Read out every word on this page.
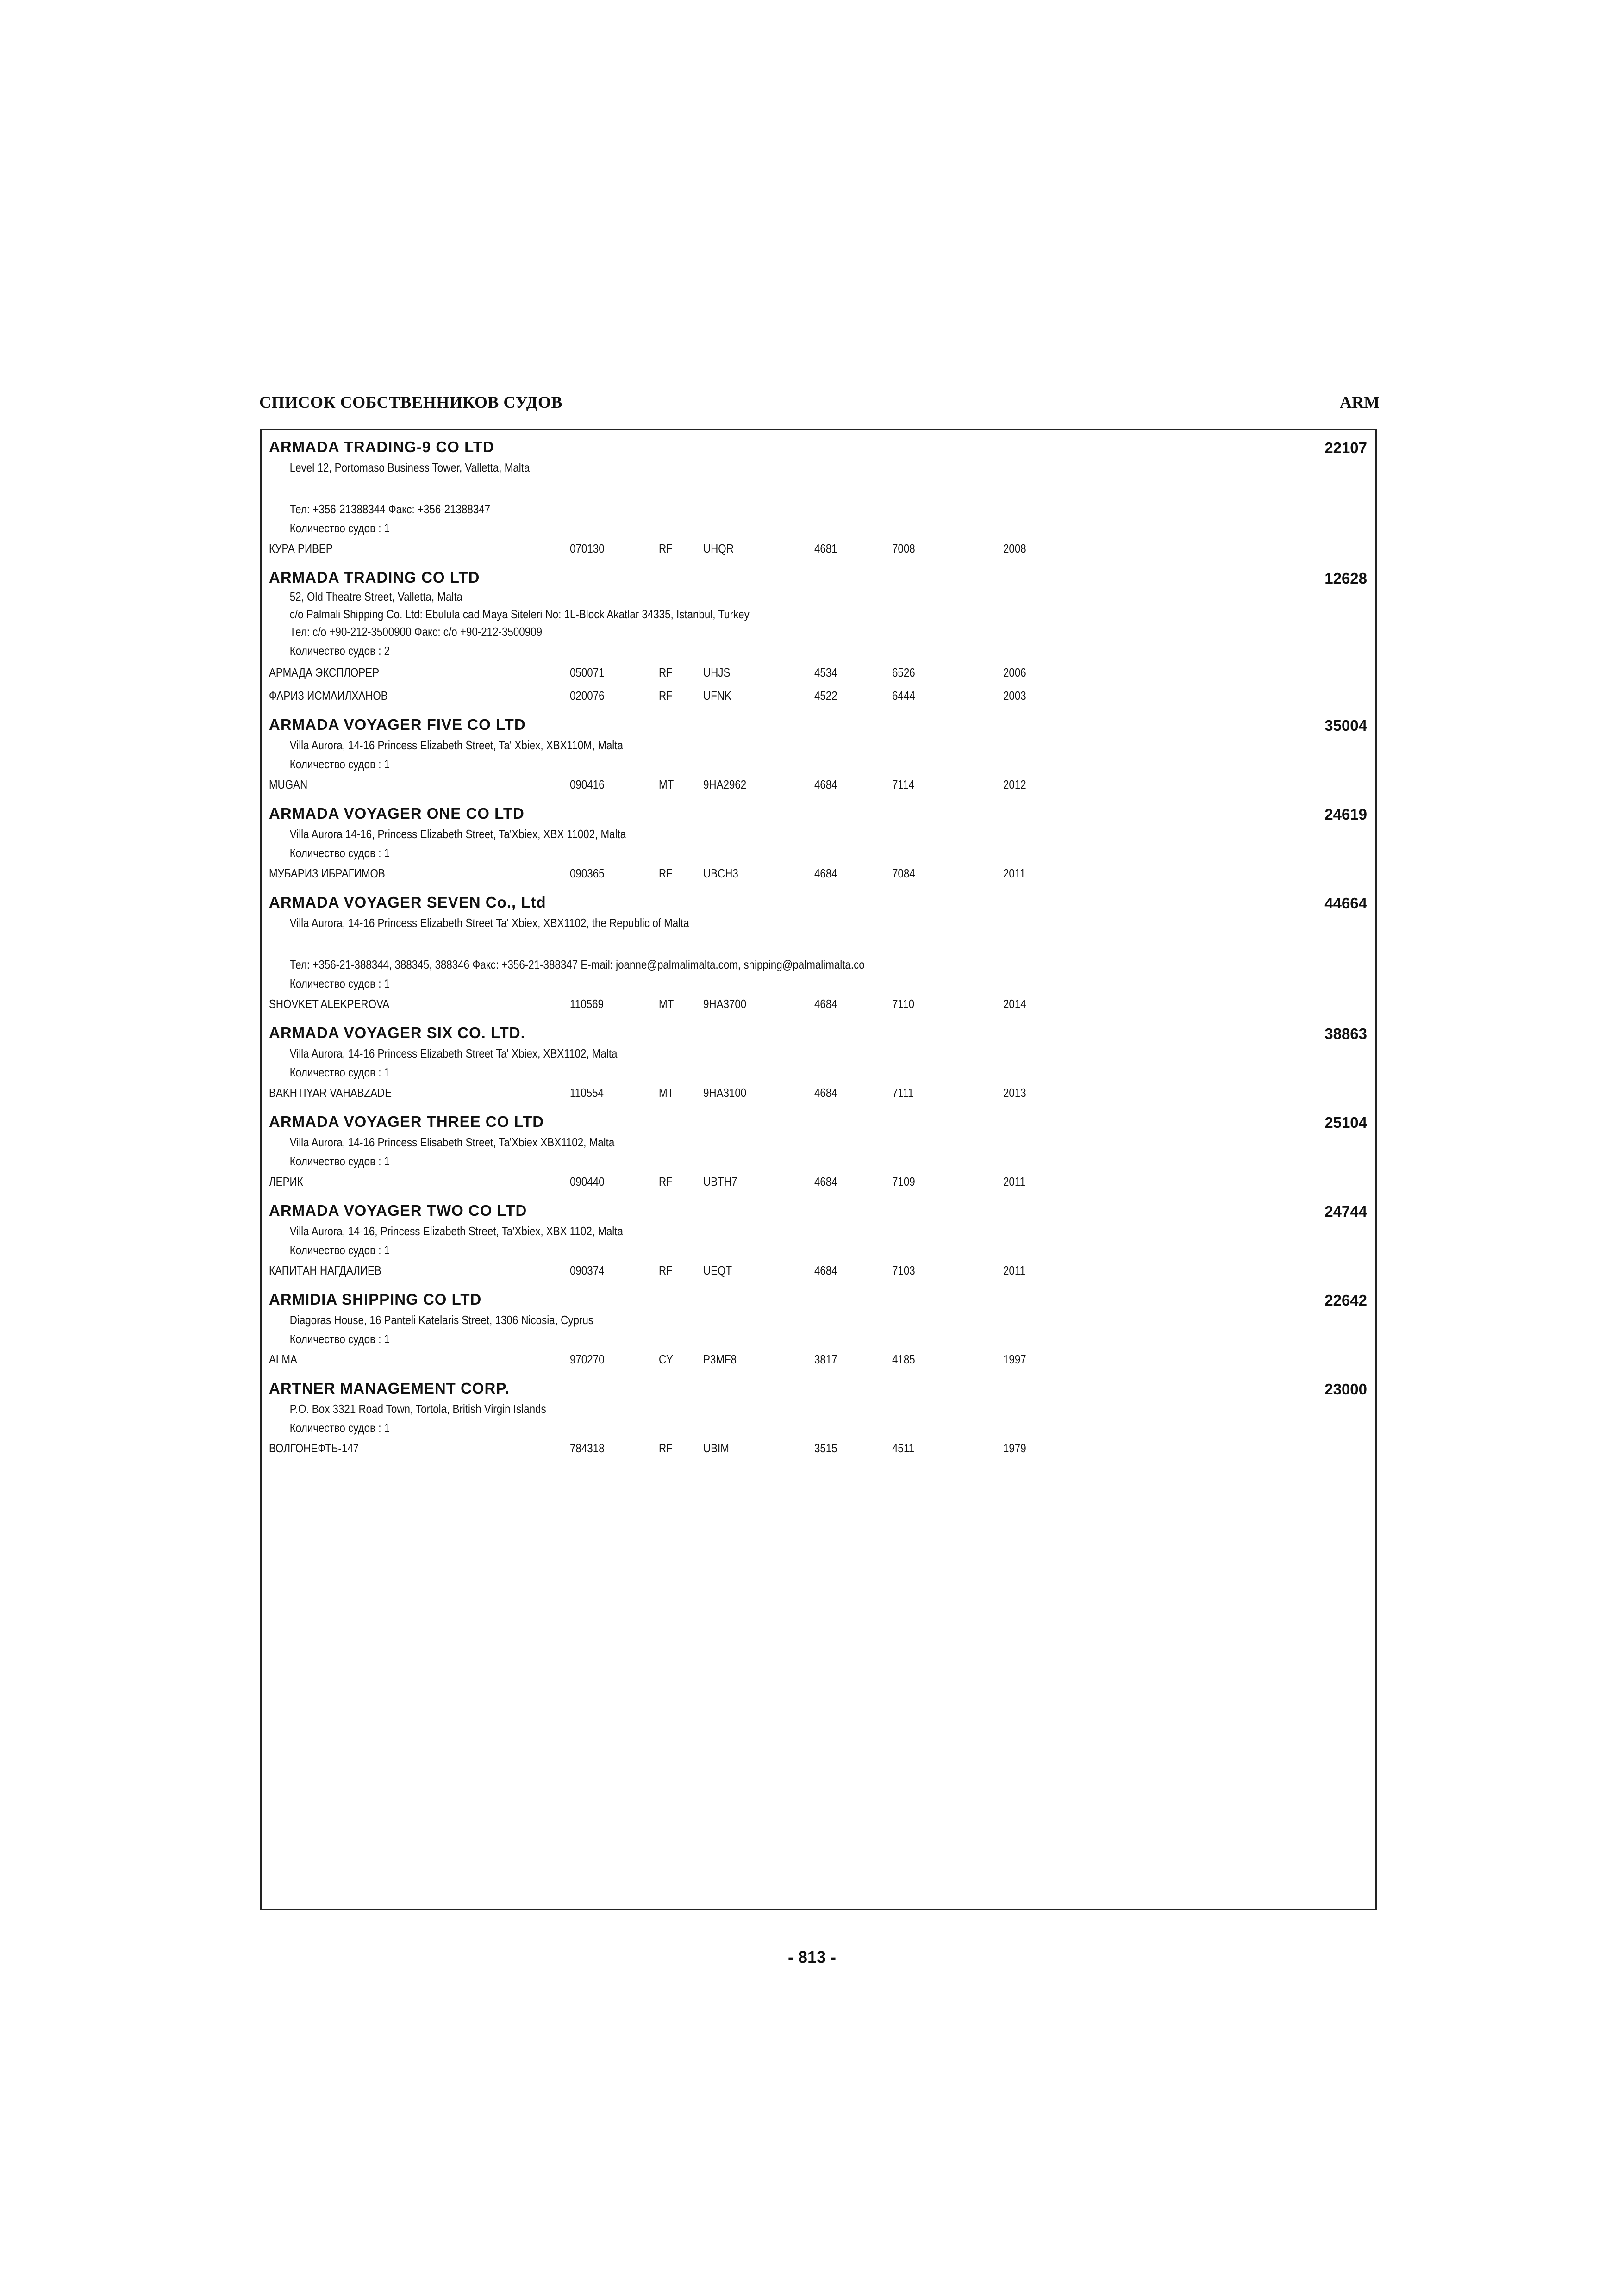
СПИСОК СОБСТВЕННИКОВ СУДОВ	ARM
ARMADA TRADING-9 CO LTD	22107
Level 12, Portomaso Business Tower, Valletta, Malta
Тел: +356-21388344 Факс: +356-21388347
Количество судов : 1
КУРА РИВЕР	070130	RF	UHQR	4681	7008	2008
ARMADA TRADING CO LTD	12628
52, Old Theatre Street, Valletta, Malta
c/o Palmali Shipping Co. Ltd: Ebulula cad.Maya Siteleri No: 1L-Block Akatlar 34335, Istanbul, Turkey
Тел: c/o +90-212-3500900 Факс: c/o +90-212-3500909
Количество судов : 2
АРМАДА ЭКСПЛОРЕР	050071	RF	UHJS	4534	6526	2006
ФАРИЗ ИСМАИЛХАНОВ	020076	RF	UFNK	4522	6444	2003
ARMADA VOYAGER FIVE CO LTD	35004
Villa Aurora, 14-16 Princess Elizabeth Street, Ta' Xbiex, XBX110M, Malta
Количество судов : 1
MUGAN	090416	MT 9HA2962	4684	7114	2012
ARMADA VOYAGER ONE CO LTD	24619
Villa Aurora 14-16, Princess Elizabeth Street, Ta'Xbiex, XBX 11002, Malta
Количество судов : 1
МУБАРИЗ ИБРАГИМОВ	090365	RF	UBCH3	4684	7084	2011
ARMADA VOYAGER SEVEN Co., Ltd	44664
Villa Aurora, 14-16 Princess Elizabeth Street Ta' Xbiex, XBX1102, the Republic of Malta
Тел: +356-21-388344, 388345, 388346 Факс: +356-21-388347 E-mail: joanne@palmalimalta.com, shipping@palmalimalta.co
Количество судов : 1
SHOVKET ALEKPEROVA	110569	MT 9HA3700	4684	7110	2014
ARMADA VOYAGER SIX CO. LTD.	38863
Villa Aurora, 14-16 Princess Elizabeth Street Ta' Xbiex, XBX1102, Malta
Количество судов : 1
BAKHTIYAR VAHABZADE	110554	MT 9HA3100	4684	7111	2013
ARMADA VOYAGER THREE CO LTD	25104
Villa Aurora, 14-16 Princess Elisabeth Street, Ta'Xbiex XBX1102, Malta
Количество судов : 1
ЛЕРИК	090440	RF	UBTH7	4684	7109	2011
ARMADA VOYAGER TWO CO LTD	24744
Villa Aurora, 14-16, Princess Elizabeth Street, Ta'Xbiex, XBX 1102, Malta
Количество судов : 1
КАПИТАН НАГДАЛИЕВ	090374	RF	UEQT	4684	7103	2011
ARMIDIA SHIPPING CO LTD	22642
Diagoras House, 16 Panteli Katelaris Street, 1306 Nicosia, Cyprus
Количество судов : 1
ALMA	970270	CY P3MF8	3817	4185	1997
ARTNER MANAGEMENT CORP.	23000
P.O. Box 3321 Road Town, Tortola, British Virgin Islands
Количество судов : 1
ВОЛГОНЕФТЬ-147	784318	RF	UBIM	3515	4511	1979
- 813 -
